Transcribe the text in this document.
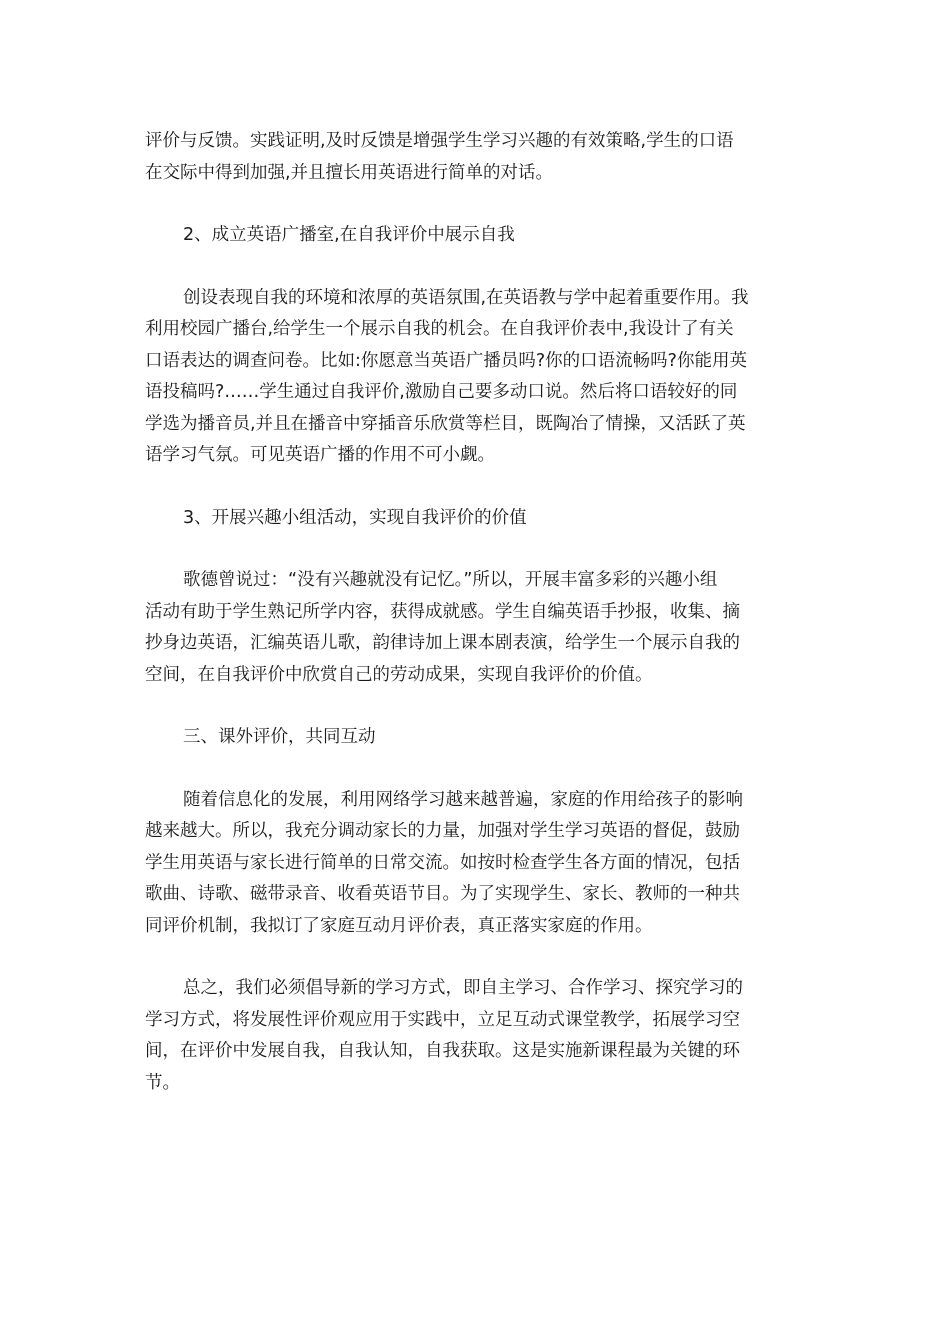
评价与反馈。实践证明,及时反馈是增强学生学习兴趣的有效策略,学生的口语
在交际中得到加强,并且擅长用英语进行简单的对话。

2、成立英语广播室,在自我评价中展示自我

创设表现自我的环境和浓厚的英语氛围,在英语教与学中起着重要作用。我
利用校园广播台,给学生一个展示自我的机会。在自我评价表中,我设计了有关
口语表达的调查问卷。比如:你愿意当英语广播员吗?你的口语流畅吗?你能用英
语投稿吗?……学生通过自我评价,激励自己要多动口说。然后将口语较好的同
学选为播音员,并且在播音中穿插音乐欣赏等栏目，既陶冶了情操，又活跃了英
语学习气氛。可见英语广播的作用不可小觑。

3、开展兴趣小组活动，实现自我评价的价值

歌德曾说过：“没有兴趣就没有记忆。”所以，开展丰富多彩的兴趣小组
活动有助于学生熟记所学内容，获得成就感。学生自编英语手抄报，收集、摘
抄身边英语，汇编英语儿歌，韵律诗加上课本剧表演，给学生一个展示自我的
空间，在自我评价中欣赏自己的劳动成果，实现自我评价的价值。

三、课外评价，共同互动

随着信息化的发展，利用网络学习越来越普遍，家庭的作用给孩子的影响
越来越大。所以，我充分调动家长的力量，加强对学生学习英语的督促，鼓励
学生用英语与家长进行简单的日常交流。如按时检查学生各方面的情况，包括
歌曲、诗歌、磁带录音、收看英语节目。为了实现学生、家长、教师的一种共
同评价机制，我拟订了家庭互动月评价表，真正落实家庭的作用。

总之，我们必须倡导新的学习方式，即自主学习、合作学习、探究学习的
学习方式，将发展性评价观应用于实践中，立足互动式课堂教学，拓展学习空
间，在评价中发展自我，自我认知，自我获取。这是实施新课程最为关键的环
节。
